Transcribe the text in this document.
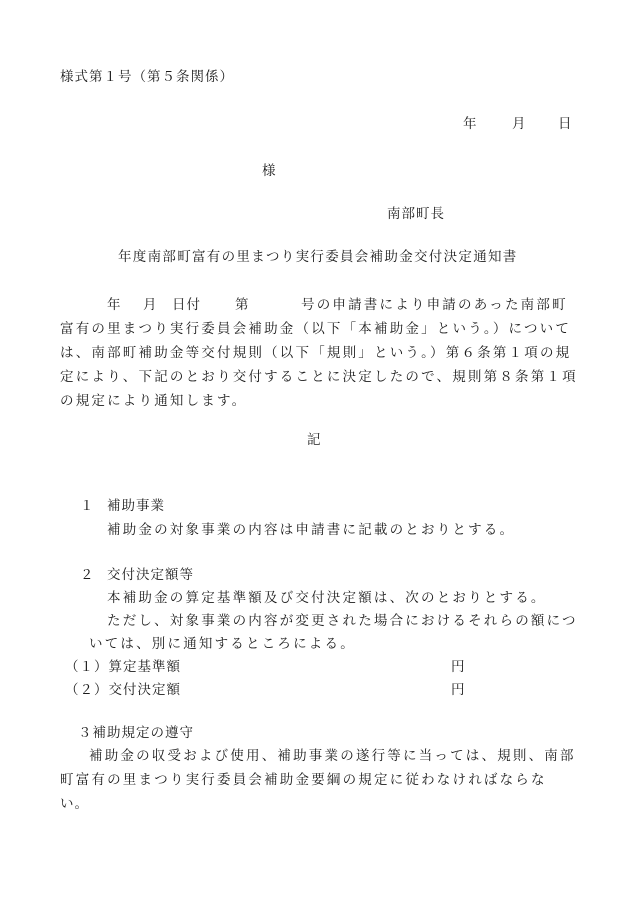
様式第１号（第５条関係）
年	月 日
様
南部町長
年度南部町富有の里まつり実行委員会補助金交付決定通知書
年 月 日付	第	号の申請書により申請のあった南部町
富有の里まつり実行委員会補助金（以下「本補助金」という。）について
は、南部町補助金等交付規則（以下「規則」という。）第６条第１項の規
定により、下記のとおり交付することに決定したので、規則第８条第１項
の規定により通知します。
記
１ 補助事業
補助金の対象事業の内容は申請書に記載のとおりとする。
２ 交付決定額等
本補助金の算定基準額及び交付決定額は、次のとおりとする。
ただし、対象事業の内容が変更された場合におけるそれらの額につ
いては、別に通知するところによる。
（１）算定基準額	円
（２）交付決定額	円
３補助規定の遵守
補助金の収受および使用、補助事業の遂行等に当っては、規則、南部
町富有の里まつり実行委員会補助金要綱の規定に従わなければならな
い。
